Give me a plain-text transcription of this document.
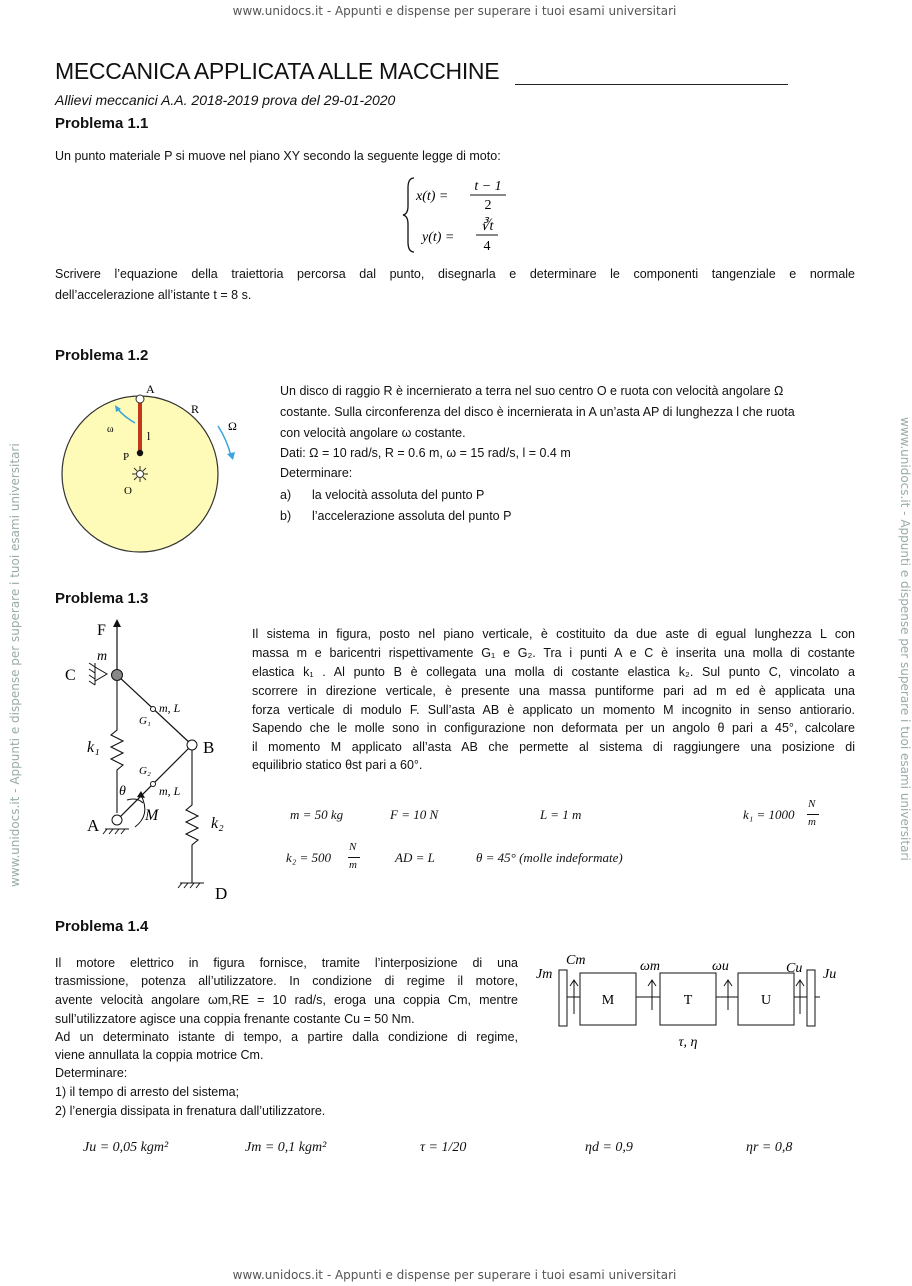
www.unidocs.it - Appunti e dispense per superare i tuoi esami universitari
www.unidocs.it - Appunti e dispense per superare i tuoi esami universitari
www.unidocs.it - Appunti e dispense per superare i tuoi esami universitari	www.unidocs.it - Appunti e dispense per superare i tuoi esami universitari
MECCANICA APPLICATA ALLE MACCHINE
Allievi meccanici A.A. 2018-2019 prova del 29-01-2020
Problema 1.1
Un punto materiale P si muove nel piano XY secondo la seguente legge di moto:
x(t) =
t − 1
2
y(t) =
∛t
4
Scrivere l’equazione della traiettoria percorsa dal punto, disegnarla e determinare le componenti tangenziale e normale
dell’accelerazione all’istante t = 8 s.
Problema 1.2
A
R
Ω
ω	l
P
O
Un disco di raggio R è incernierato a terra nel suo centro O e ruota con velocità angolare Ω
costante. Sulla circonferenza del disco è incernierata in A un’asta AP di lunghezza l che ruota
con velocità angolare ω costante.
Dati: Ω = 10 rad/s, R = 0.6 m, ω = 15 rad/s, l = 0.4 m
Determinare:
a) la velocità assoluta del punto P
b) l’accelerazione assoluta del punto P
Problema 1.3
F
m
C
m, L
G₁
B
k₁
G₂
m, L
θ
M
A	k₂
D
Il sistema in figura, posto nel piano verticale, è costituito da due aste di egual lunghezza L con
massa m e baricentri rispettivamente G₁ e G₂. Tra i punti A e C è inserita una molla di costante
elastica k₁ . Al punto B è collegata una molla di costante elastica k₂. Sul punto C, vincolato a
scorrere in direzione verticale, è presente una massa puntiforme pari ad m ed è applicata una
forza verticale di modulo F. Sull’asta AB è applicato un momento M incognito in senso antiorario.
Sapendo che le molle sono in configurazione non deformata per un angolo θ pari a 45°, calcolare
il momento M applicato all’asta AB che permette al sistema di raggiungere una posizione di
equilibrio statico θst pari a 60°.
m = 50 kg	F = 10 N	L = 1 m	k₁ = 1000
N
m
k₂ = 500
N
m	AD = L	θ = 45° (molle indeformate)
Problema 1.4
Il motore elettrico in figura fornisce, tramite l’interposizione di una
trasmissione, potenza all’utilizzatore. In condizione di regime il motore,
avente velocità angolare ωm,RE = 10 rad/s, eroga una coppia Cm, mentre
sull’utilizzatore agisce una coppia frenante costante Cu = 50 Nm.
Ad un determinato istante di tempo, a partire dalla condizione di regime,
viene annullata la coppia motrice Cm.
Determinare:
1) il tempo di arresto del sistema;
2) l’energia dissipata in frenatura dall’utilizzatore.
M	T	U
Jm
Cm	ωm	ωu	Cu Ju
τ, η
Ju = 0,05 kgm²	Jm = 0,1 kgm²	τ = 1/20	ηd = 0,9	ηr = 0,8
